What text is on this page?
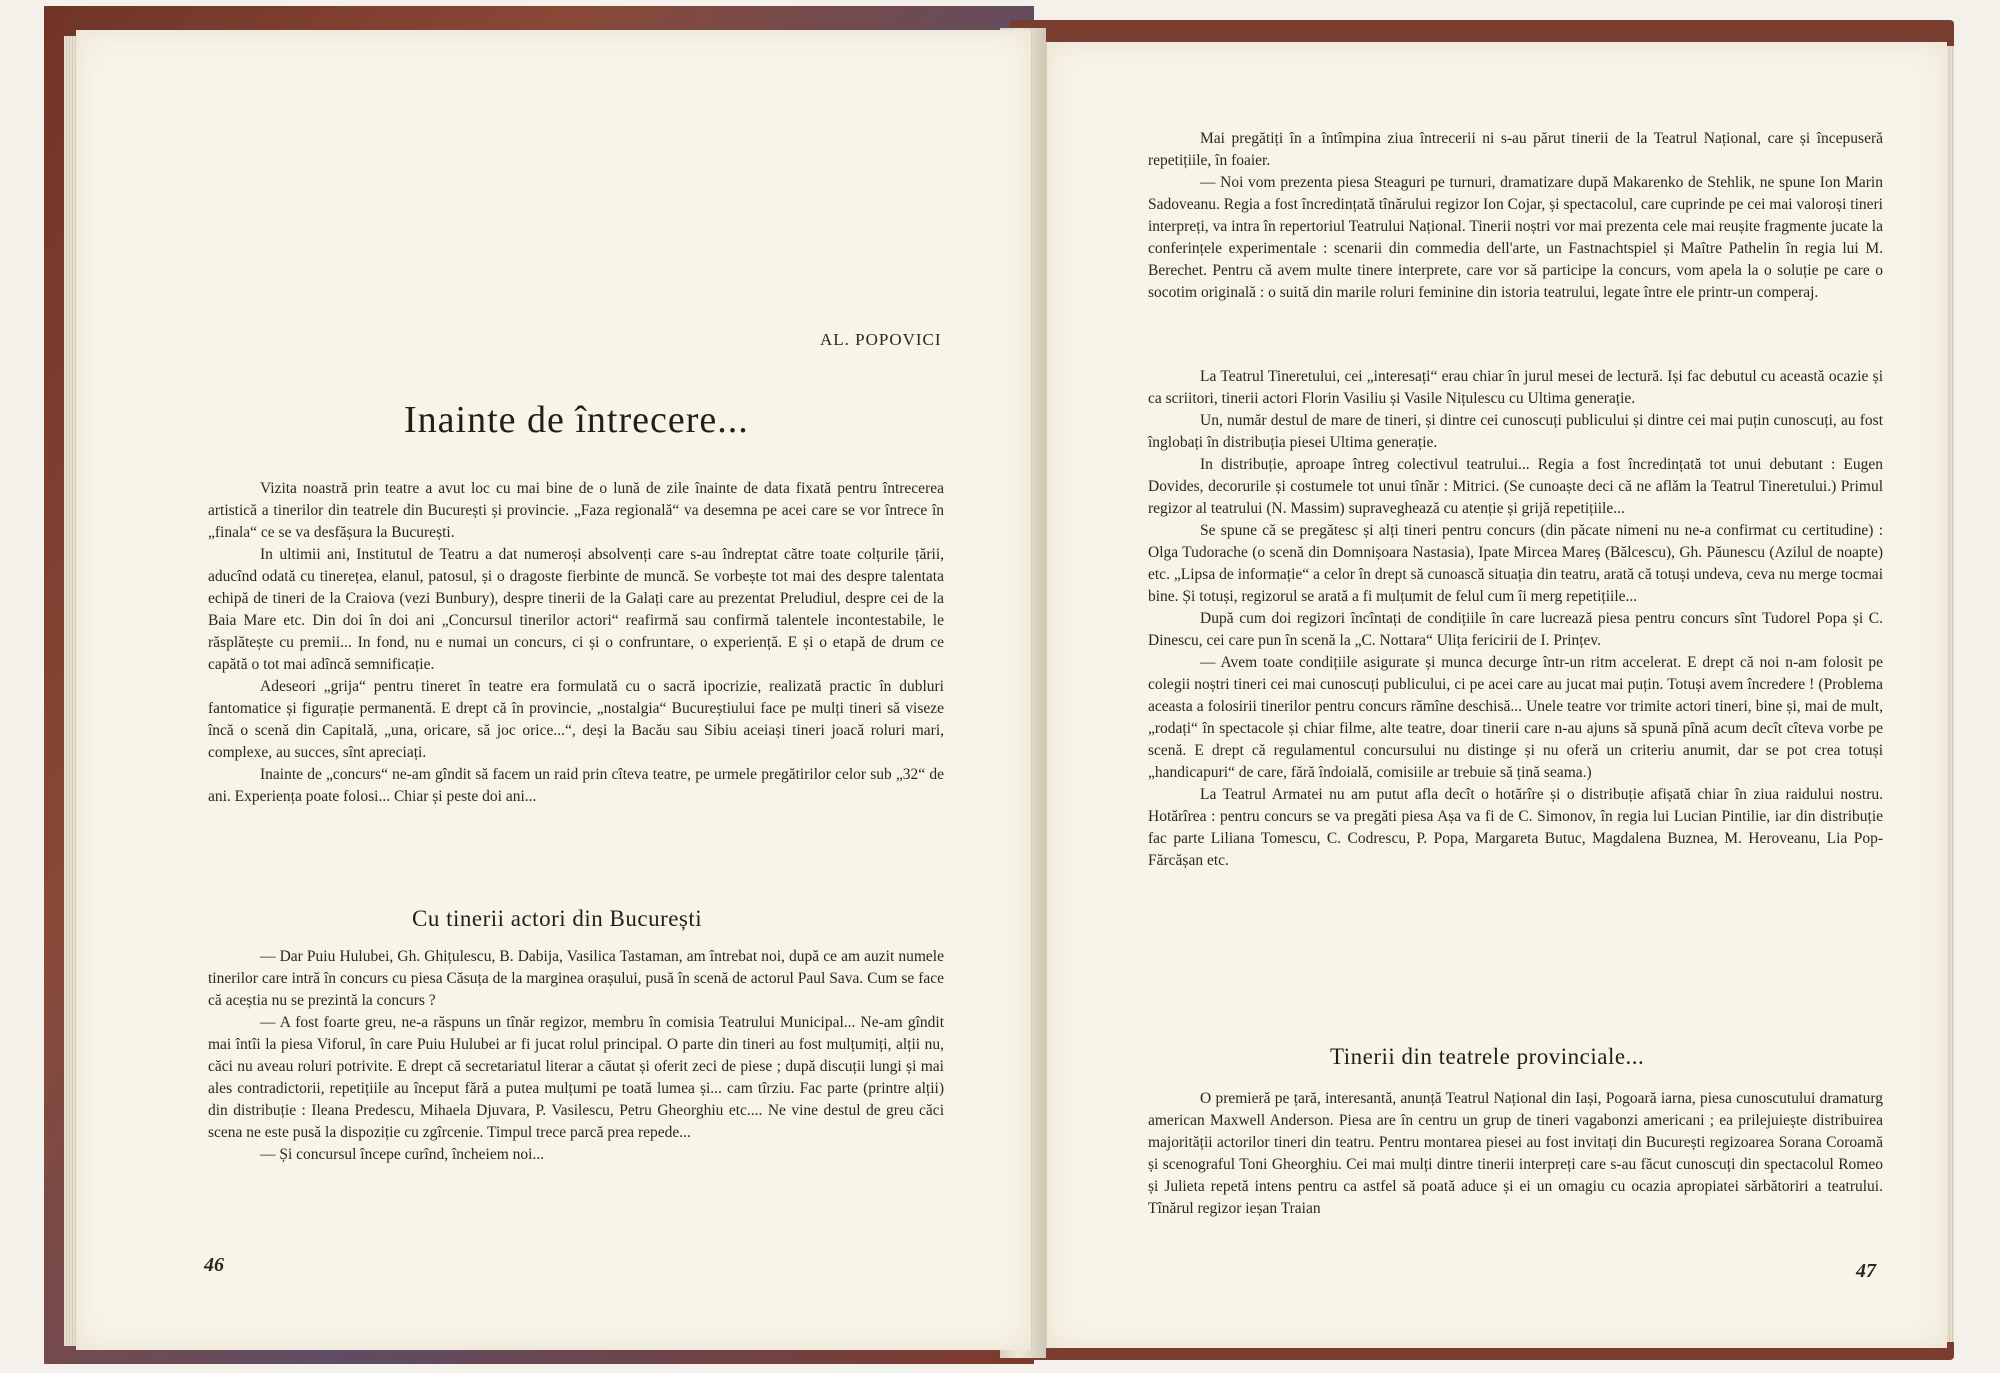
AL. POPOVICI
Inainte de întrecere...

Vizita noastră prin teatre a avut loc cu mai bine de o lună de zile înainte de data fixată pentru întrecerea artistică a tinerilor din teatrele din București și provincie. „Faza regională“ va desemna pe acei care se vor întrece în „finala“ ce se va desfășura la București.

In ultimii ani, Institutul de Teatru a dat numeroși absolvenți care s-au îndreptat către toate colțurile țării, aducînd odată cu tinerețea, elanul, patosul, și o dragoste fierbinte de muncă. Se vorbește tot mai des despre talentata echipă de tineri de la Craiova (vezi Bunbury), despre tinerii de la Galați care au prezentat Preludiul, despre cei de la Baia Mare etc. Din doi în doi ani „Concursul tinerilor actori“ reafirmă sau confirmă talentele incontestabile, le răsplătește cu premii... In fond, nu e numai un concurs, ci și o confruntare, o experiență. E și o etapă de drum ce capătă o tot mai adîncă semnificație.

Adeseori „grija“ pentru tineret în teatre era formulată cu o sacră ipocrizie, realizată practic în dubluri fantomatice și figurație permanentă. E drept că în provincie, „nostalgia“ Bucureștiului face pe mulți tineri să viseze încă o scenă din Capitală, „una, oricare, să joc orice...“, deși la Bacău sau Sibiu aceiași tineri joacă roluri mari, complexe, au succes, sînt apreciați.

Inainte de „concurs“ ne-am gîndit să facem un raid prin cîteva teatre, pe urmele pregătirilor celor sub „32“ de ani. Experiența poate folosi... Chiar și peste doi ani...

Cu tinerii actori din București

— Dar Puiu Hulubei, Gh. Ghițulescu, B. Dabija, Vasilica Tastaman, am întrebat noi, după ce am auzit numele tinerilor care intră în concurs cu piesa Căsuța de la marginea orașului, pusă în scenă de actorul Paul Sava. Cum se face că aceștia nu se prezintă la concurs ?

— A fost foarte greu, ne-a răspuns un tînăr regizor, membru în comisia Teatrului Municipal... Ne-am gîndit mai întîi la piesa Viforul, în care Puiu Hulubei ar fi jucat rolul principal. O parte din tineri au fost mulțumiți, alții nu, căci nu aveau roluri potrivite. E drept că secretariatul literar a căutat și oferit zeci de piese ; după discuții lungi și mai ales contradictorii, repetițiile au început fără a putea mulțumi pe toată lumea și... cam tîrziu. Fac parte (printre alții) din distribuție : Ileana Predescu, Mihaela Djuvara, P. Vasilescu, Petru Gheorghiu etc.... Ne vine destul de greu căci scena ne este pusă la dispoziție cu zgîrcenie. Timpul trece parcă prea repede...

— Și concursul începe curînd, încheiem noi...

46

Mai pregătiți în a întîmpina ziua întrecerii ni s-au părut tinerii de la Teatrul Național, care și începuseră repetițiile, în foaier.

— Noi vom prezenta piesa Steaguri pe turnuri, dramatizare după Makarenko de Stehlik, ne spune Ion Marin Sadoveanu. Regia a fost încredințată tînărului regizor Ion Cojar, și spectacolul, care cuprinde pe cei mai valoroși tineri interpreți, va intra în repertoriul Teatrului Național. Tinerii noștri vor mai prezenta cele mai reușite fragmente jucate la conferințele experimentale : scenarii din commedia dell'arte, un Fastnachtspiel și Maître Pathelin în regia lui M. Berechet. Pentru că avem multe tinere interprete, care vor să participe la concurs, vom apela la o soluție pe care o socotim originală : o suită din marile roluri feminine din istoria teatrului, legate între ele printr-un comperaj.

La Teatrul Tineretului, cei „interesați“ erau chiar în jurul mesei de lectură. Iși fac debutul cu această ocazie și ca scriitori, tinerii actori Florin Vasiliu și Vasile Nițulescu cu Ultima generație.

Un, număr destul de mare de tineri, și dintre cei cunoscuți publicului și dintre cei mai puțin cunoscuți, au fost înglobați în distribuția piesei Ultima generație.

In distribuție, aproape întreg colectivul teatrului... Regia a fost încredințată tot unui debutant : Eugen Dovides, decorurile și costumele tot unui tînăr : Mitrici. (Se cunoaște deci că ne aflăm la Teatrul Tineretului.) Primul regizor al teatrului (N. Massim) supraveghează cu atenție și grijă repetițiile...

Se spune că se pregătesc și alți tineri pentru concurs (din păcate nimeni nu ne-a confirmat cu certitudine) : Olga Tudorache (o scenă din Domnișoara Nastasia), Ipate Mircea Mareș (Bălcescu), Gh. Păunescu (Azilul de noapte) etc. „Lipsa de informație“ a celor în drept să cunoască situația din teatru, arată că totuși undeva, ceva nu merge tocmai bine. Și totuși, regizorul se arată a fi mulțumit de felul cum îi merg repetițiile...

După cum doi regizori încîntați de condițiile în care lucrează piesa pentru concurs sînt Tudorel Popa și C. Dinescu, cei care pun în scenă la „C. Nottara“ Ulița fericirii de I. Prințev.

— Avem toate condițiile asigurate și munca decurge într-un ritm accelerat. E drept că noi n-am folosit pe colegii noștri tineri cei mai cunoscuți publicului, ci pe acei care au jucat mai puțin. Totuși avem încredere ! (Problema aceasta a folosirii tinerilor pentru concurs rămîne deschisă... Unele teatre vor trimite actori tineri, bine și, mai de mult, „rodați“ în spectacole și chiar filme, alte teatre, doar tinerii care n-au ajuns să spună pînă acum decît cîteva vorbe pe scenă. E drept că regulamentul concursului nu distinge și nu oferă un criteriu anumit, dar se pot crea totuși „handicapuri“ de care, fără îndoială, comisiile ar trebuie să țină seama.)

La Teatrul Armatei nu am putut afla decît o hotărîre și o distribuție afișată chiar în ziua raidului nostru. Hotărîrea : pentru concurs se va pregăti piesa Așa va fi de C. Simonov, în regia lui Lucian Pintilie, iar din distribuție fac parte Liliana Tomescu, C. Codrescu, P. Popa, Margareta Butuc, Magdalena Buznea, M. Heroveanu, Lia Pop-Fărcășan etc.

Tinerii din teatrele provinciale...

O premieră pe țară, interesantă, anunță Teatrul Național din Iași, Pogoară iarna, piesa cunoscutului dramaturg american Maxwell Anderson. Piesa are în centru un grup de tineri vagabonzi americani ; ea prilejuiește distribuirea majorității actorilor tineri din teatru. Pentru montarea piesei au fost invitați din București regizoarea Sorana Coroamă și scenograful Toni Gheorghiu. Cei mai mulți dintre tinerii interpreți care s-au făcut cunoscuți din spectacolul Romeo și Julieta repetă intens pentru ca astfel să poată aduce și ei un omagiu cu ocazia apropiatei sărbătoriri a teatrului. Tînărul regizor ieșan Traian

47
